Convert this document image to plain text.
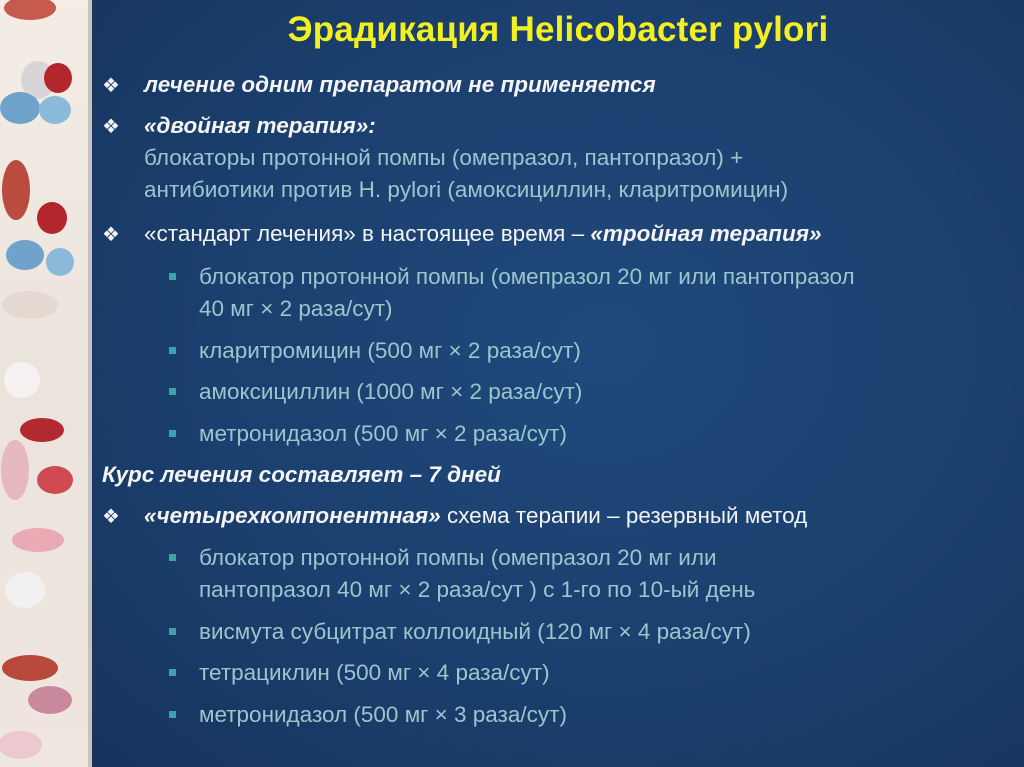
Эрадикация Helicobacter pylori
❖ лечение одним препаратом не применяется
❖ «двойная терапия»:
блокаторы протонной помпы (омепразол, пантопразол) +
антибиотики против H. pylori (амоксициллин, кларитромицин)
❖ «стандарт лечения» в настоящее время – «тройная терапия»
блокатор протонной помпы (омепразол 20 мг или пантопразол
40 мг × 2 раза/сут)
кларитромицин (500 мг × 2 раза/сут)
амоксициллин (1000 мг × 2 раза/сут)
метронидазол (500 мг × 2 раза/сут)
Курс лечения составляет – 7 дней
❖ «четырехкомпонентная» схема терапии – резервный метод
блокатор протонной помпы (омепразол 20 мг или
пантопразол 40 мг × 2 раза/сут ) с 1-го по 10-ый день
висмута субцитрат коллоидный (120 мг × 4 раза/сут)
тетрациклин (500 мг × 4 раза/сут)
метронидазол (500 мг × 3 раза/сут)
